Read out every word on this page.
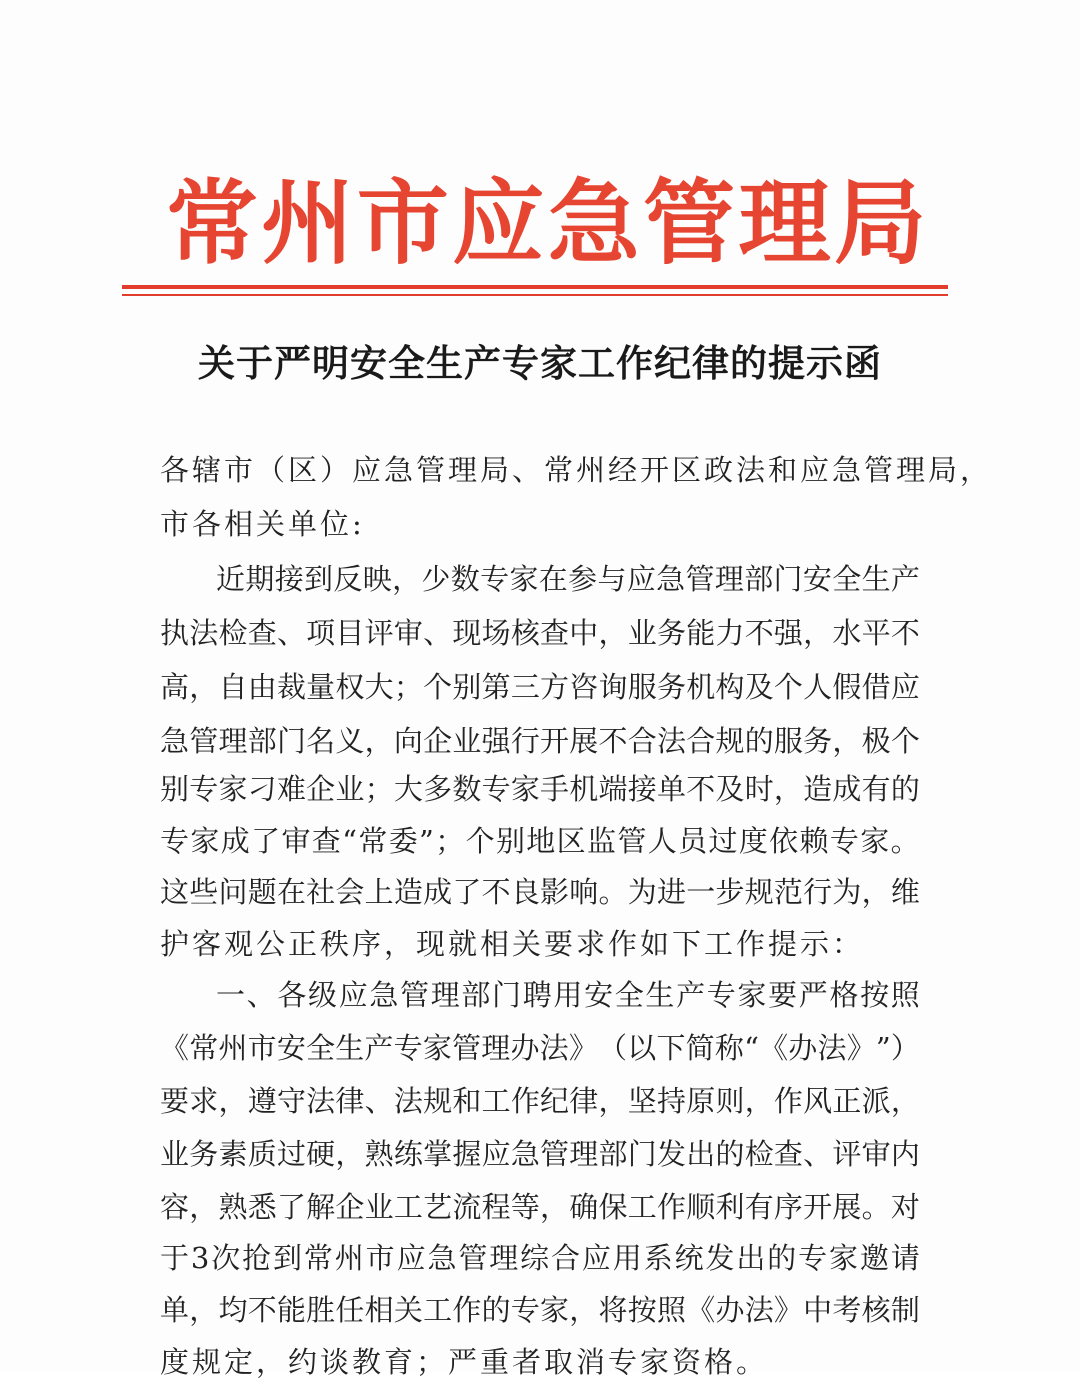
常 州 市 应 急 管 理 局
关于严明安全生产专家工作纪律的提示函
各辖市（区）应急管理局、常州经开区政法和应急管理局，
市各相关单位:
近 期 接 到 反 映 ， 少 数 专 家 在 参 与 应 急 管 理 部 门 安 全 生 产
执 法 检 查 、 项 目 评 审 、 现 场 核 查 中 ， 业 务 能 力 不 强 ， 水 平 不
高 ， 自 由 裁 量 权 大 ； 个 别 第 三 方 咨 询 服 务 机 构 及 个 人 假 借 应
急 管 理 部 门 名 义 ， 向 企 业 强 行 开 展 不 合 法 合 规 的 服 务 ， 极 个
别 专 家 刁 难 企 业 ； 大 多 数 专 家 手 机 端 接 单 不 及 时 ， 造 成 有 的
专 家 成 了 审 查 “ 常 委 ” ； 个 别 地 区 监 管 人 员 过 度 依 赖 专 家 。
这 些 问 题 在 社 会 上 造 成 了 不 良 影 响 。 为 进 一 步 规 范 行 为 ， 维
护客观公正秩序，现就相关要求作如下工作提示：
一 、 各 级 应 急 管 理 部 门 聘 用 安 全 生 产 专 家 要 严 格 按 照
《 常 州 市 安 全 生 产 专 家 管 理 办 法 》 （ 以 下 简 称 “ 《 办 法 》 ” ）
要 求 ， 遵 守 法 律 、 法 规 和 工 作 纪 律 ， 坚 持 原 则 ， 作 风 正 派 ，
业 务 素 质 过 硬 ， 熟 练 掌 握 应 急 管 理 部 门 发 出 的 检 查 、 评 审 内
容 ， 熟 悉 了 解 企 业 工 艺 流 程 等 ， 确 保 工 作 顺 利 有 序 开 展 。 对
于 3 次 抢 到 常 州 市 应 急 管 理 综 合 应 用 系 统 发 出 的 专 家 邀 请
单 ， 均 不 能 胜 任 相 关 工 作 的 专 家 ， 将 按 照 《 办 法 》 中 考 核 制
度规定，约谈教育；严重者取消专家资格。
